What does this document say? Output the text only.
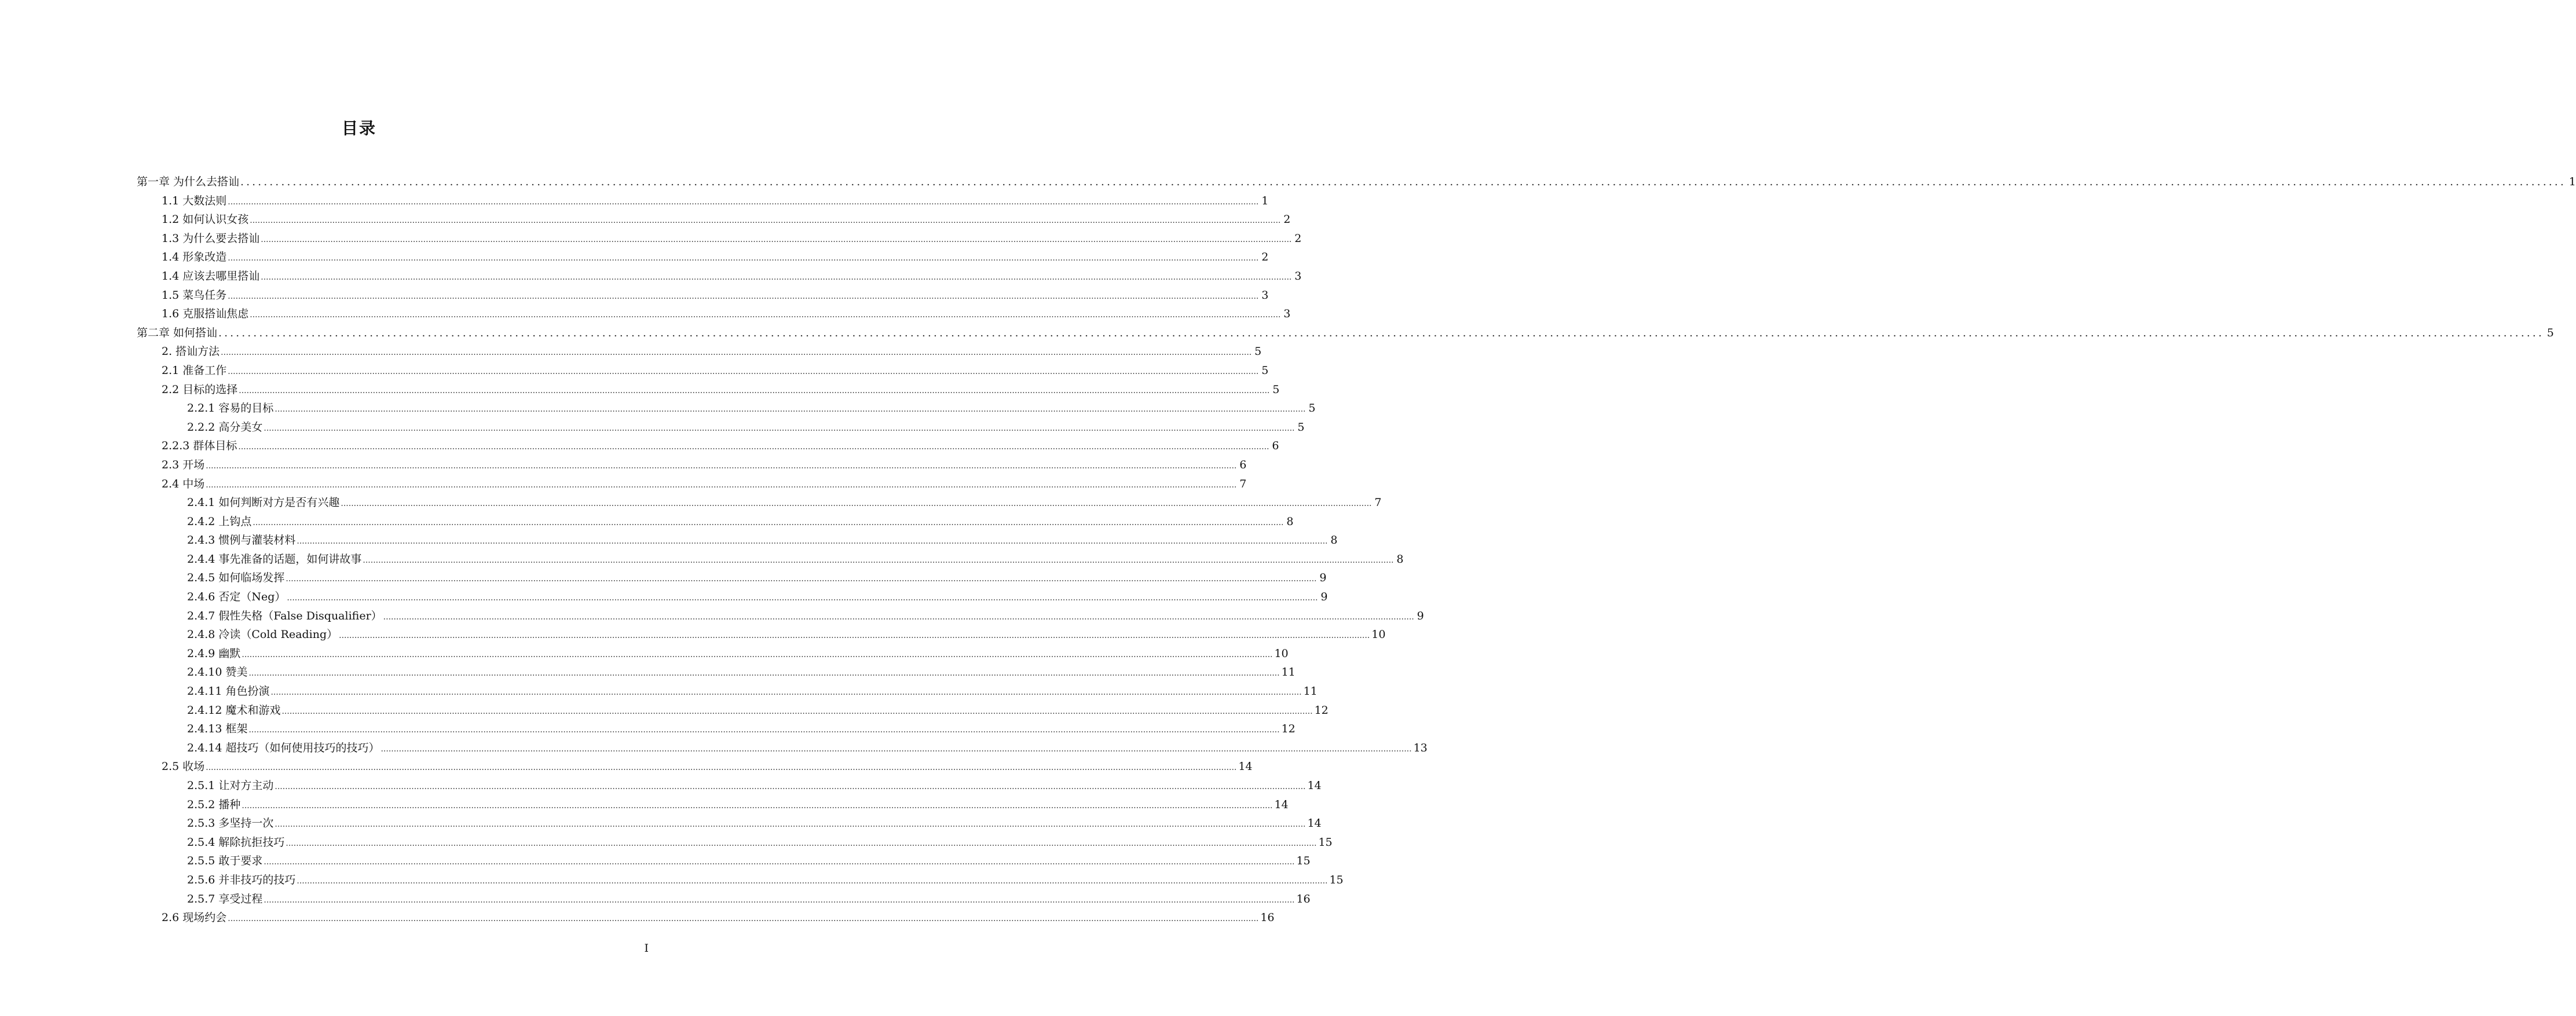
目录
第一章 为什么去搭讪 ................................................................................................................................................................................................................................................................................................................................................................................................................ 1
1.1 大数法则 ................................................................................................................................................................................................................................................................................................................................................................................................................ 1
1.2 如何认识女孩 ................................................................................................................................................................................................................................................................................................................................................................................................................ 2
1.3 为什么要去搭讪 ................................................................................................................................................................................................................................................................................................................................................................................................................ 2
1.4 形象改造 ................................................................................................................................................................................................................................................................................................................................................................................................................ 2
1.4 应该去哪里搭讪 ................................................................................................................................................................................................................................................................................................................................................................................................................ 3
1.5 菜鸟任务 ................................................................................................................................................................................................................................................................................................................................................................................................................ 3
1.6 克服搭讪焦虑 ................................................................................................................................................................................................................................................................................................................................................................................................................ 3
第二章 如何搭讪 ................................................................................................................................................................................................................................................................................................................................................................................................................ 5
2. 搭讪方法 ................................................................................................................................................................................................................................................................................................................................................................................................................ 5
2.1 准备工作 ................................................................................................................................................................................................................................................................................................................................................................................................................ 5
2.2 目标的选择 ................................................................................................................................................................................................................................................................................................................................................................................................................ 5
2.2.1 容易的目标 ................................................................................................................................................................................................................................................................................................................................................................................................................ 5
2.2.2 高分美女 ................................................................................................................................................................................................................................................................................................................................................................................................................ 5
2.2.3 群体目标 ................................................................................................................................................................................................................................................................................................................................................................................................................ 6
2.3 开场 ................................................................................................................................................................................................................................................................................................................................................................................................................ 6
2.4 中场 ................................................................................................................................................................................................................................................................................................................................................................................................................ 7
2.4.1 如何判断对方是否有兴趣 ................................................................................................................................................................................................................................................................................................................................................................................................................ 7
2.4.2 上钩点 ................................................................................................................................................................................................................................................................................................................................................................................................................ 8
2.4.3 惯例与灌装材料 ................................................................................................................................................................................................................................................................................................................................................................................................................ 8
2.4.4 事先准备的话题，如何讲故事 ................................................................................................................................................................................................................................................................................................................................................................................................................ 8
2.4.5 如何临场发挥 ................................................................................................................................................................................................................................................................................................................................................................................................................ 9
2.4.6 否定（Neg） ................................................................................................................................................................................................................................................................................................................................................................................................................ 9
2.4.7 假性失格（False Disqualifier） ................................................................................................................................................................................................................................................................................................................................................................................................................ 9
2.4.8 冷读（Cold Reading） ................................................................................................................................................................................................................................................................................................................................................................................................................ 10
2.4.9 幽默 ................................................................................................................................................................................................................................................................................................................................................................................................................ 10
2.4.10 赞美 ................................................................................................................................................................................................................................................................................................................................................................................................................ 11
2.4.11 角色扮演 ................................................................................................................................................................................................................................................................................................................................................................................................................ 11
2.4.12 魔术和游戏 ................................................................................................................................................................................................................................................................................................................................................................................................................ 12
2.4.13 框架 ................................................................................................................................................................................................................................................................................................................................................................................................................ 12
2.4.14 超技巧（如何使用技巧的技巧） ................................................................................................................................................................................................................................................................................................................................................................................................................ 13
2.5 收场 ................................................................................................................................................................................................................................................................................................................................................................................................................ 14
2.5.1 让对方主动 ................................................................................................................................................................................................................................................................................................................................................................................................................ 14
2.5.2 播种 ................................................................................................................................................................................................................................................................................................................................................................................................................ 14
2.5.3 多坚持一次 ................................................................................................................................................................................................................................................................................................................................................................................................................ 14
2.5.4 解除抗拒技巧 ................................................................................................................................................................................................................................................................................................................................................................................................................ 15
2.5.5 敢于要求 ................................................................................................................................................................................................................................................................................................................................................................................................................ 15
2.5.6 并非技巧的技巧 ................................................................................................................................................................................................................................................................................................................................................................................................................ 15
2.5.7 享受过程 ................................................................................................................................................................................................................................................................................................................................................................................................................ 16
2.6 现场约会 ................................................................................................................................................................................................................................................................................................................................................................................................................ 16
I
